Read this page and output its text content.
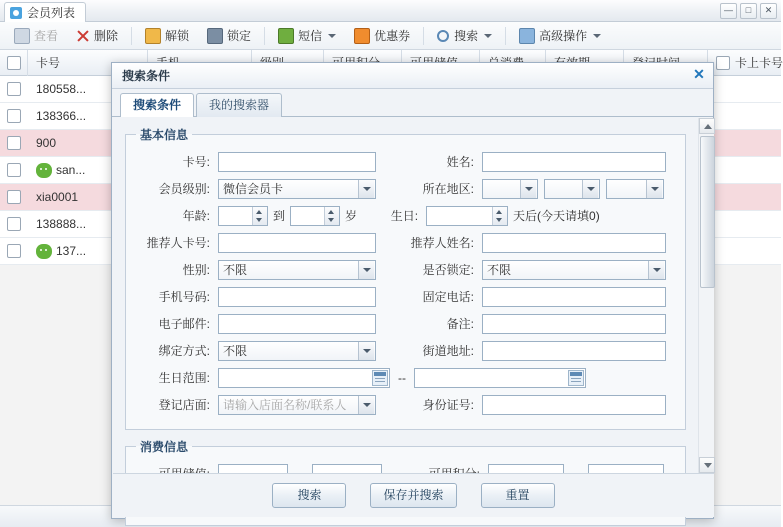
会员列表	—	□	✕
查看	删除	解锁	锁定	短信	优惠券	搜索	高级操作
卡号	卡上卡号
180558...
138366...
900
san...
xia0001
138888...
137...
搜索条件	✕
搜索条件	我的搜索器
基本信息
卡号:	姓名:
会员级别:	微信会员卡	所在地区:
年龄:	到	岁	生日:	天后(今天请填0)
推荐人卡号:	推荐人姓名:
性别:	不限	是否锁定:	不限
手机号码:	固定电话:
电子邮件:	备注:
绑定方式:	不限	街道地址:
生日范围:	--
登记店面:	请输入店面名称/联系人	身份证号:
消费信息
搜索	保存并搜索	重置
